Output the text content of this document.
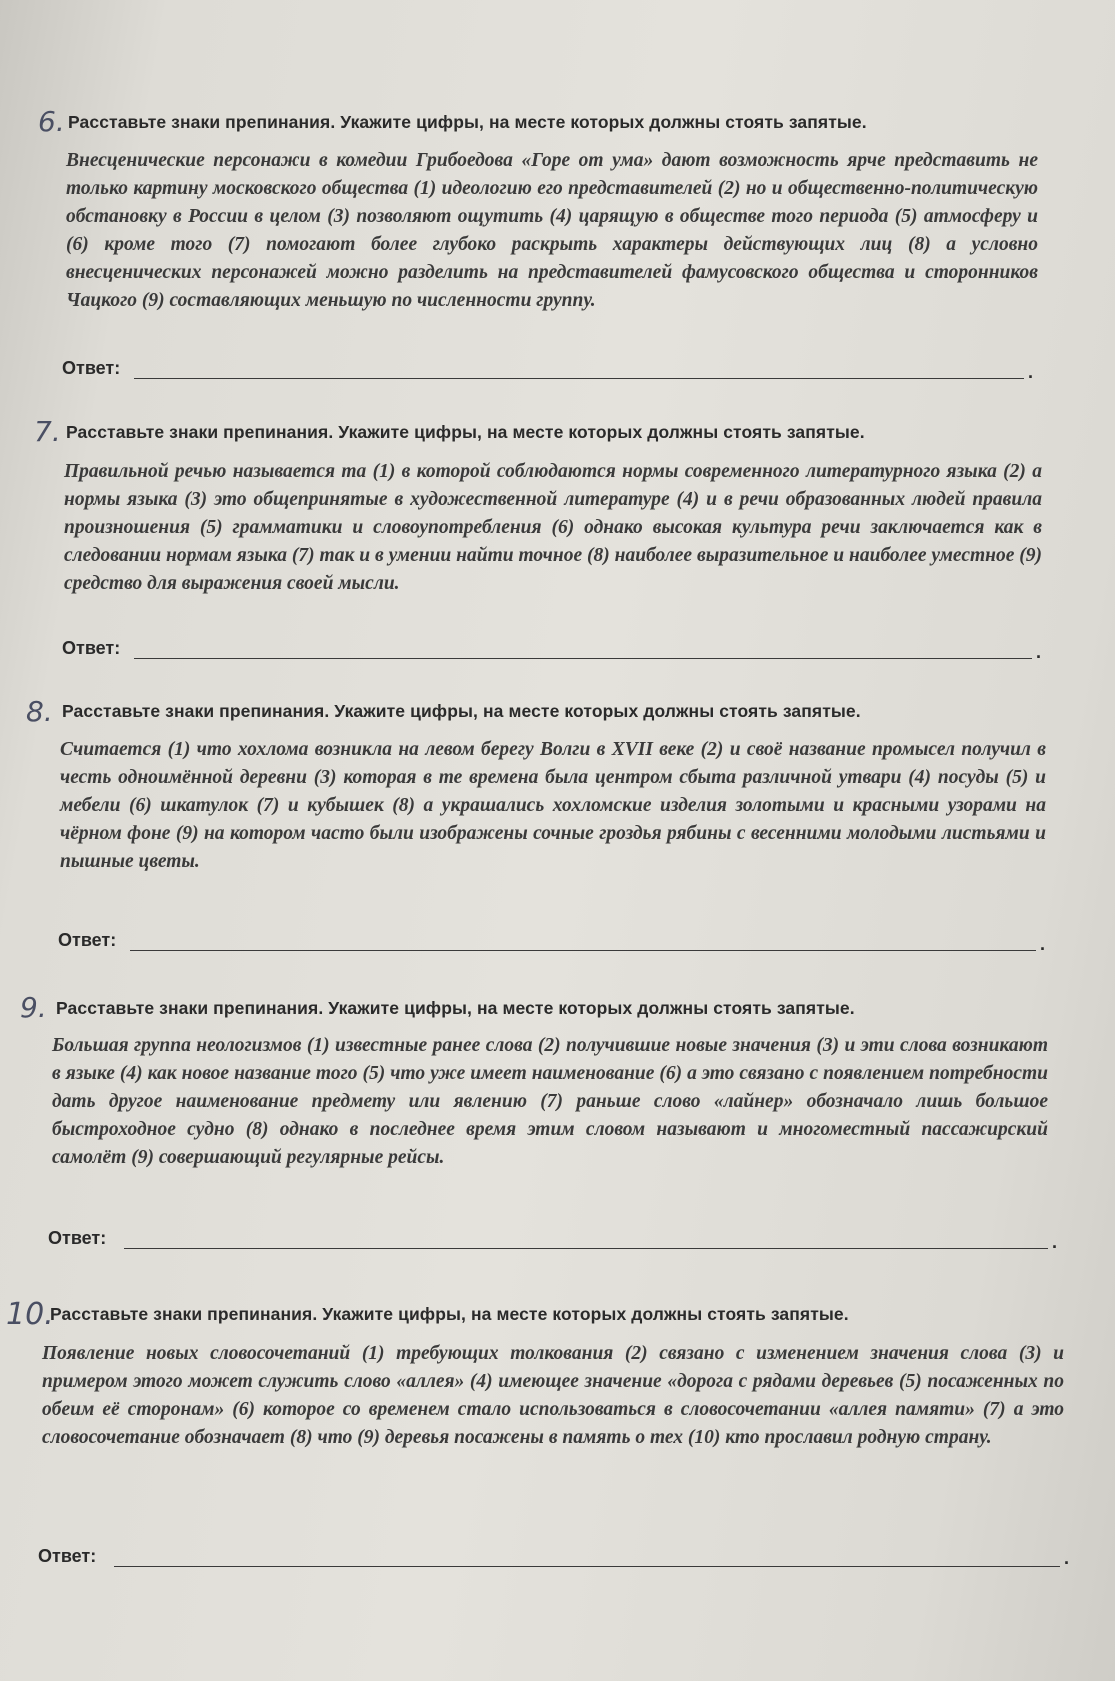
6. Расставьте знаки препинания. Укажите цифры, на месте которых должны стоять запятые.
Внесценические персонажи в комедии Грибоедова «Горе от ума» дают возможность ярче представить не только картину московского общества (1) идеологию его представителей (2) но и общественно-политическую обстановку в России в целом (3) позволяют ощутить (4) царящую в обществе того периода (5) атмосферу и (6) кроме того (7) помогают более глубоко раскрыть характеры действующих лиц (8) а условно внесценических персонажей можно разделить на представителей фамусовского общества и сторонников Чацкого (9) составляющих меньшую по численности группу.
Ответ:	.
7. Расставьте знаки препинания. Укажите цифры, на месте которых должны стоять запятые.
Правильной речью называется та (1) в которой соблюдаются нормы современного литературного языка (2) а нормы языка (3) это общепринятые в художественной литературе (4) и в речи образованных людей правила произношения (5) грамматики и словоупотребления (6) однако высокая культура речи заключается как в следовании нормам языка (7) так и в умении найти точное (8) наиболее выразительное и наиболее уместное (9) средство для выражения своей мысли.
Ответ:	.
8. Расставьте знаки препинания. Укажите цифры, на месте которых должны стоять запятые.
Считается (1) что хохлома возникла на левом берегу Волги в XVII веке (2) и своё название промысел получил в честь одноимённой деревни (3) которая в те времена была центром сбыта различной утвари (4) посуды (5) и мебели (6) шкатулок (7) и кубышек (8) а украшались хохломские изделия золотыми и красными узорами на чёрном фоне (9) на котором часто были изображены сочные гроздья рябины с весенними молодыми листьями и пышные цветы.
Ответ:	.
9. Расставьте знаки препинания. Укажите цифры, на месте которых должны стоять запятые.
Большая группа неологизмов (1) известные ранее слова (2) получившие новые значения (3) и эти слова возникают в языке (4) как новое название того (5) что уже имеет наименование (6) а это связано с появлением потребности дать другое наименование предмету или явлению (7) раньше слово «лайнер» обозначало лишь большое быстроходное судно (8) однако в последнее время этим словом называют и многоместный пассажирский самолёт (9) совершающий регулярные рейсы.
Ответ:	.
10.
Расставьте знаки препинания. Укажите цифры, на месте которых должны стоять запятые.
Появление новых словосочетаний (1) требующих толкования (2) связано с изменением значения слова (3) и примером этого может служить слово «аллея» (4) имеющее значение «дорога с рядами деревьев (5) посаженных по обеим её сторонам» (6) которое со временем стало использоваться в словосочетании «аллея памяти» (7) а это словосочетание обозначает (8) что (9) деревья посажены в память о тех (10) кто прославил родную страну.
Ответ:	.
